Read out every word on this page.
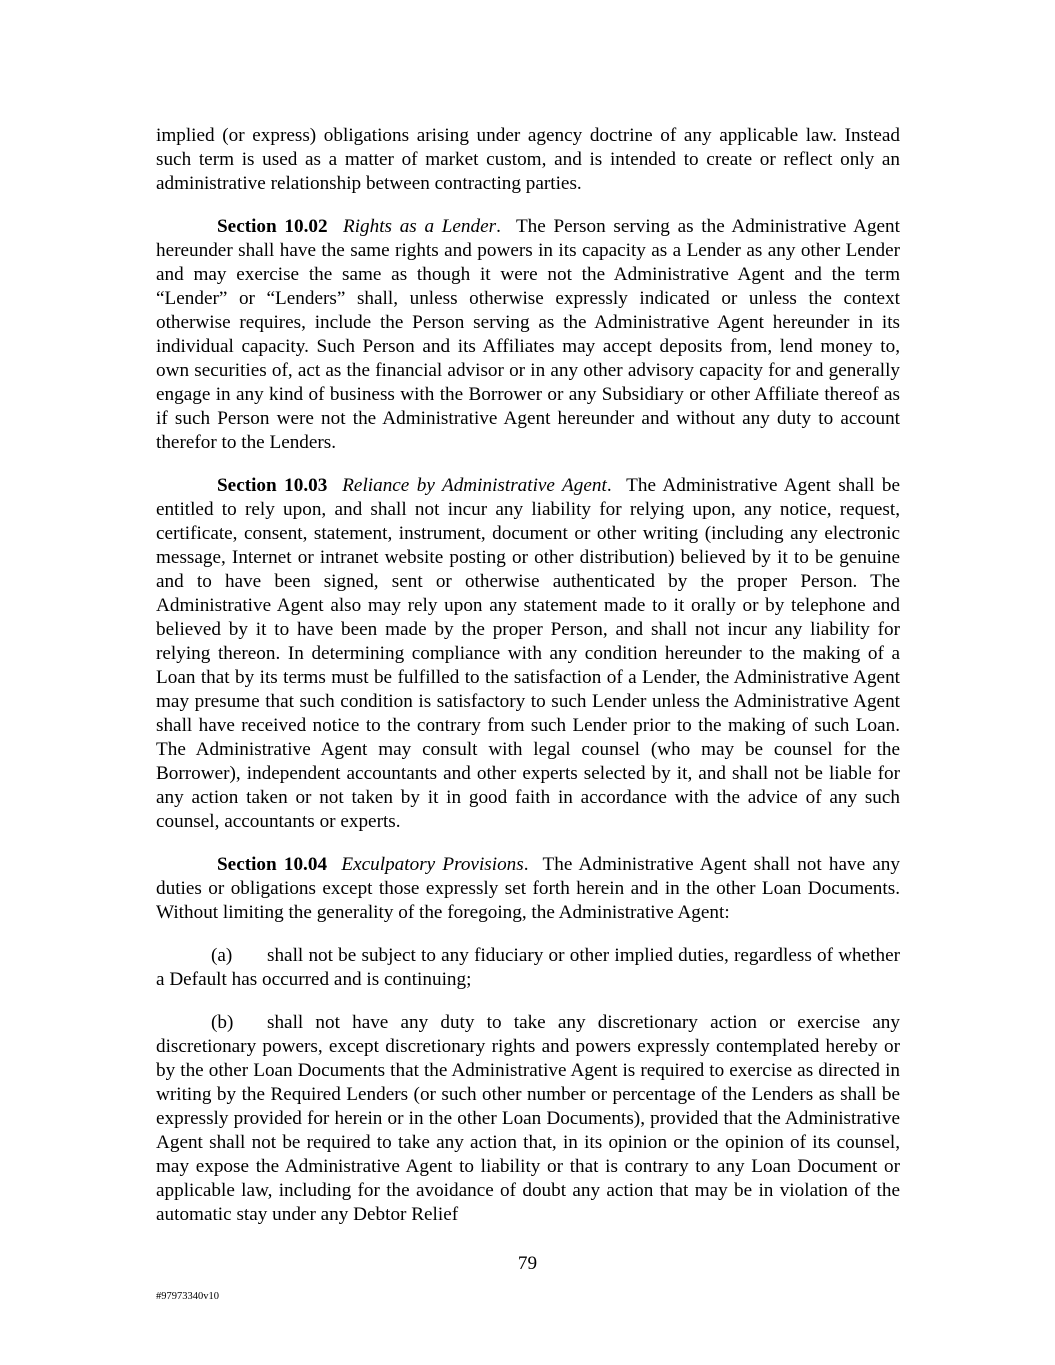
implied (or express) obligations arising under agency doctrine of any applicable law. Instead such term is used as a matter of market custom, and is intended to create or reflect only an administrative relationship between contracting parties.

Section 10.02 Rights as a Lender.  The Person serving as the Administrative Agent hereunder shall have the same rights and powers in its capacity as a Lender as any other Lender and may exercise the same as though it were not the Administrative Agent and the term “Lender” or “Lenders” shall, unless otherwise expressly indicated or unless the context otherwise requires, include the Person serving as the Administrative Agent hereunder in its individual capacity. Such Person and its Affiliates may accept deposits from, lend money to, own securities of, act as the financial advisor or in any other advisory capacity for and generally engage in any kind of business with the Borrower or any Subsidiary or other Affiliate thereof as if such Person were not the Administrative Agent hereunder and without any duty to account therefor to the Lenders.

Section 10.03 Reliance by Administrative Agent.  The Administrative Agent shall be entitled to rely upon, and shall not incur any liability for relying upon, any notice, request, certificate, consent, statement, instrument, document or other writing (including any electronic message, Internet or intranet website posting or other distribution) believed by it to be genuine and to have been signed, sent or otherwise authenticated by the proper Person. The Administrative Agent also may rely upon any statement made to it orally or by telephone and believed by it to have been made by the proper Person, and shall not incur any liability for relying thereon. In determining compliance with any condition hereunder to the making of a Loan that by its terms must be fulfilled to the satisfaction of a Lender, the Administrative Agent may presume that such condition is satisfactory to such Lender unless the Administrative Agent shall have received notice to the contrary from such Lender prior to the making of such Loan. The Administrative Agent may consult with legal counsel (who may be counsel for the Borrower), independent accountants and other experts selected by it, and shall not be liable for any action taken or not taken by it in good faith in accordance with the advice of any such counsel, accountants or experts.

Section 10.04 Exculpatory Provisions.  The Administrative Agent shall not have any duties or obligations except those expressly set forth herein and in the other Loan Documents. Without limiting the generality of the foregoing, the Administrative Agent:

(a) shall not be subject to any fiduciary or other implied duties, regardless of whether a Default has occurred and is continuing;

(b) shall not have any duty to take any discretionary action or exercise any discretionary powers, except discretionary rights and powers expressly contemplated hereby or by the other Loan Documents that the Administrative Agent is required to exercise as directed in writing by the Required Lenders (or such other number or percentage of the Lenders as shall be expressly provided for herein or in the other Loan Documents), provided that the Administrative Agent shall not be required to take any action that, in its opinion or the opinion of its counsel, may expose the Administrative Agent to liability or that is contrary to any Loan Document or applicable law, including for the avoidance of doubt any action that may be in violation of the automatic stay under any Debtor Relief

79
#97973340v10
